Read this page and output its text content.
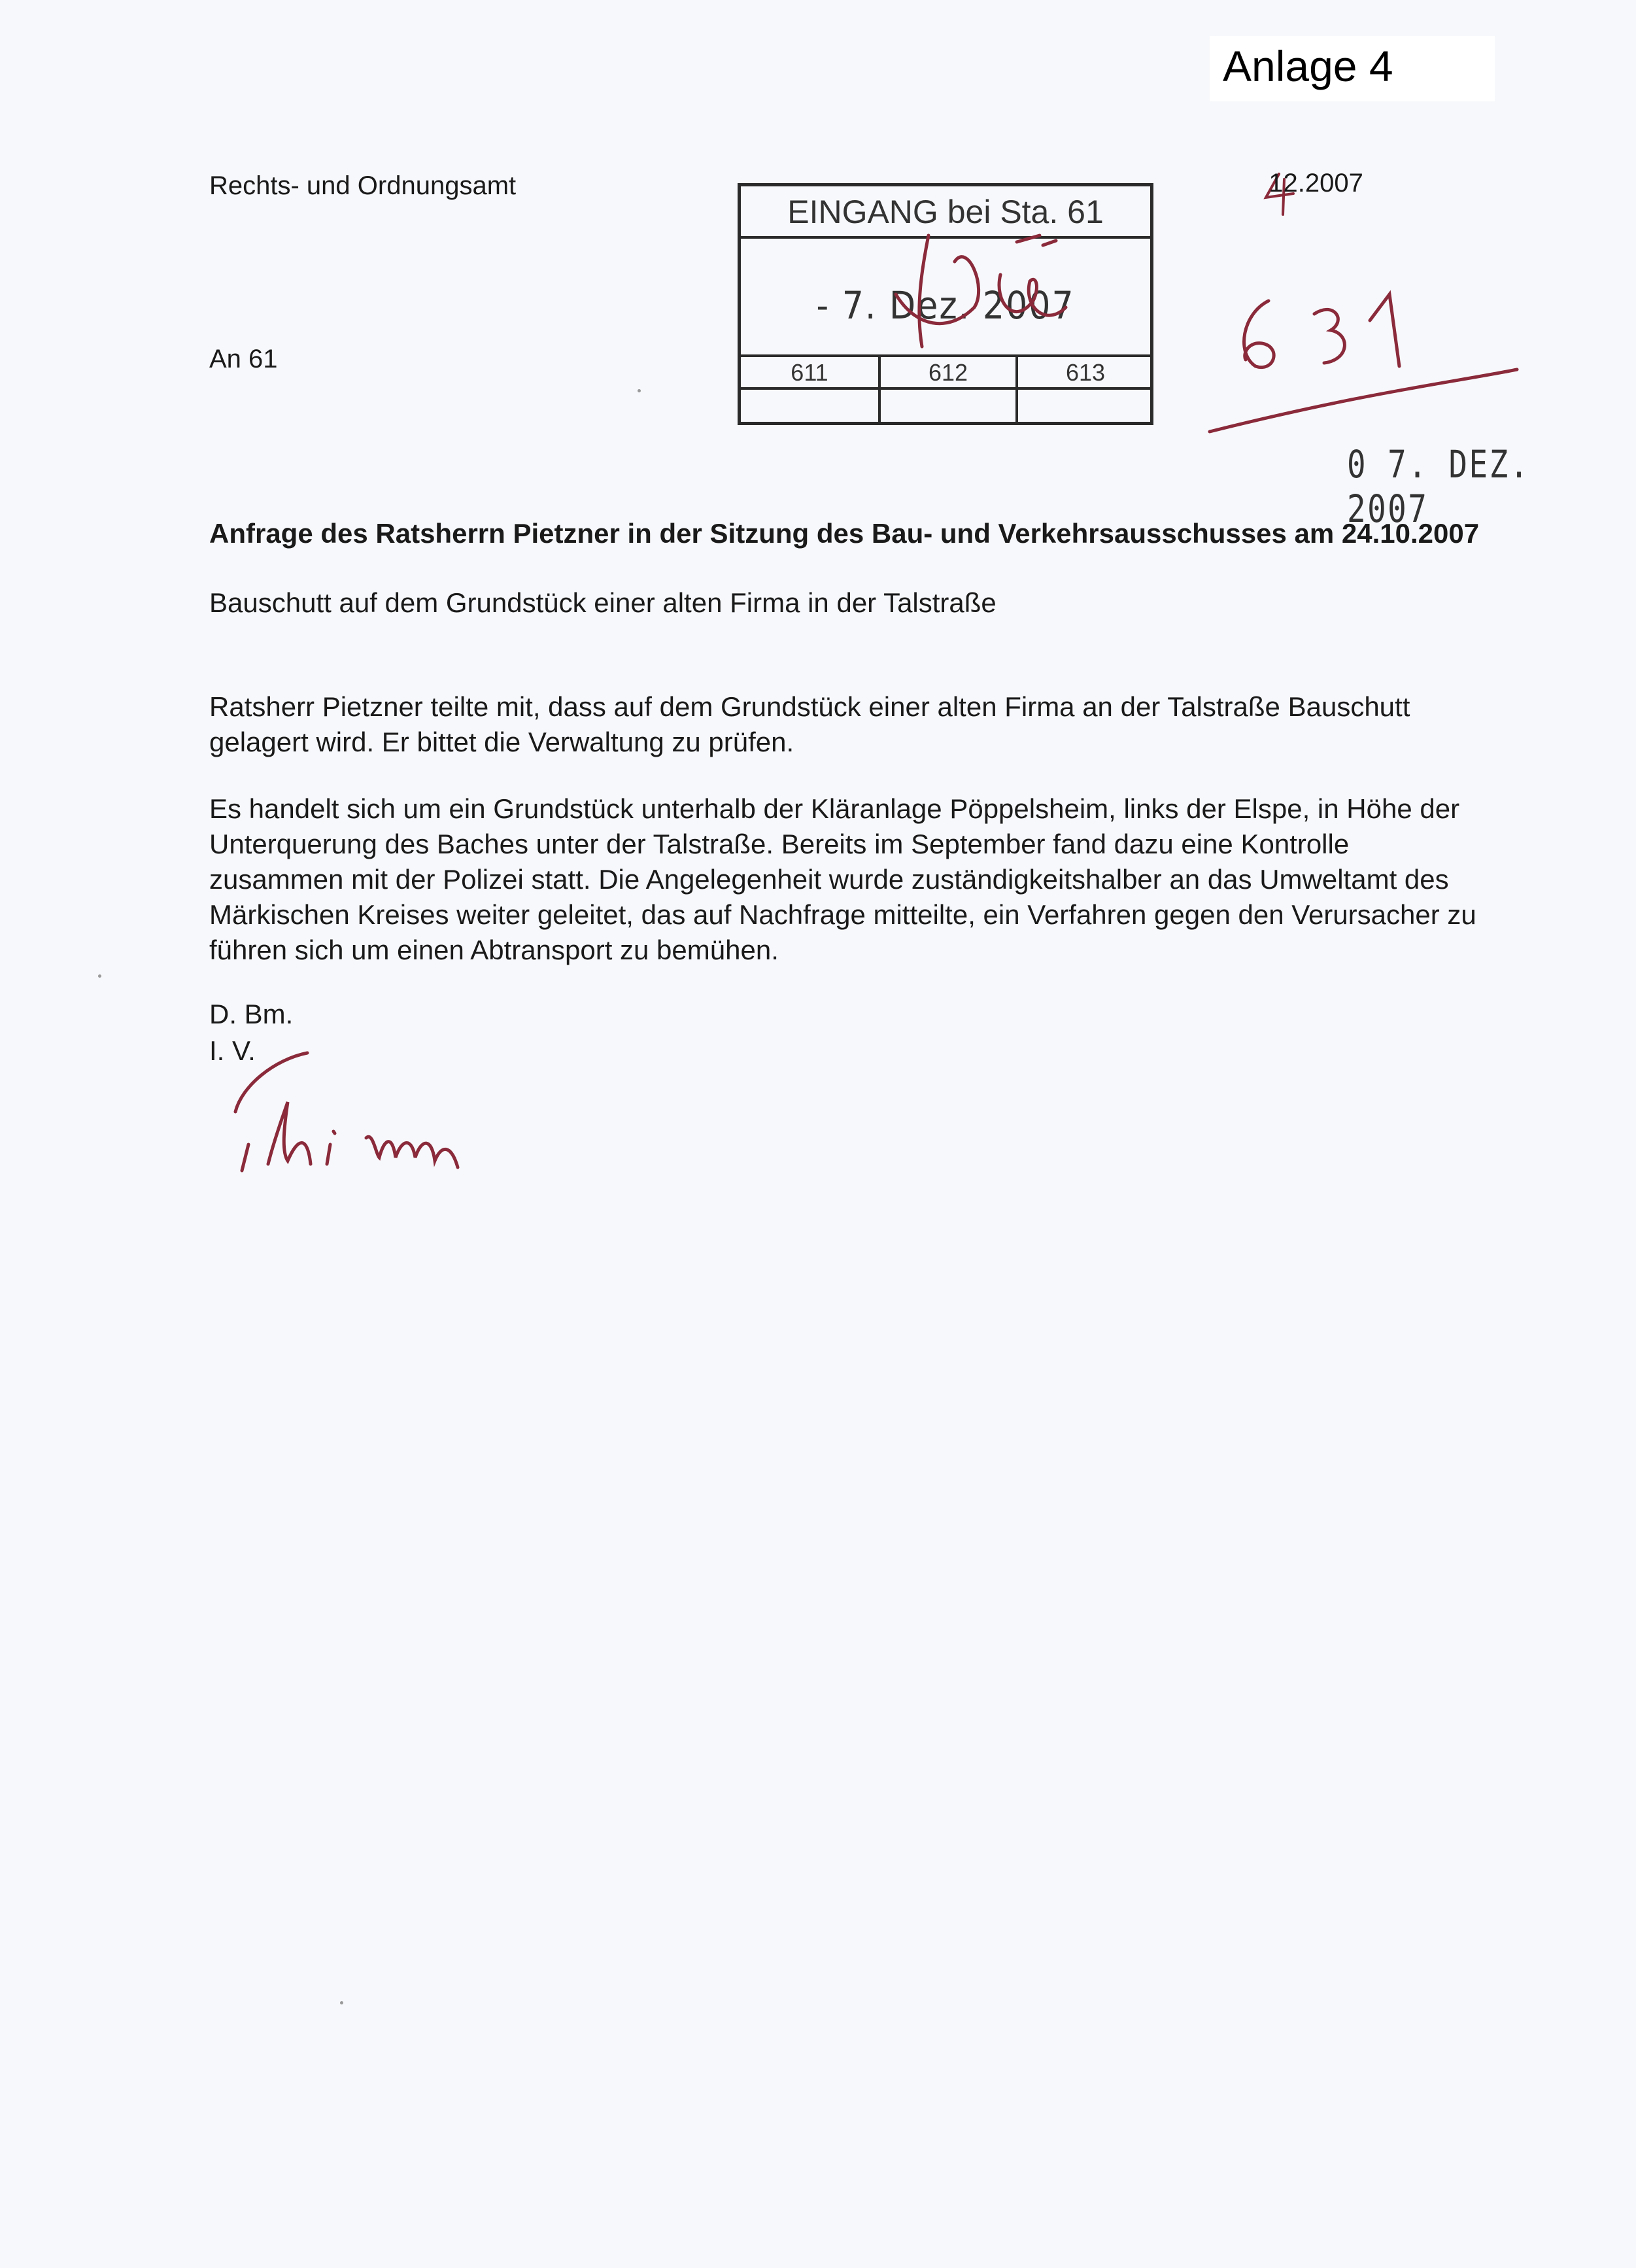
Anlage 4
Rechts- und Ordnungsamt
An 61
12.2007
EINGANG bei Sta. 61
- 7. Dez. 2007
611	612	613
0 7. DEZ. 2007
Anfrage des Ratsherrn Pietzner in der Sitzung des Bau- und Verkehrsausschusses am 24.10.2007
Bauschutt auf dem Grundstück einer alten Firma in der Talstraße
Ratsherr Pietzner teilte mit, dass auf dem Grundstück einer alten Firma an der Talstraße Bauschutt gelagert wird. Er bittet die Verwaltung zu prüfen.
Es handelt sich um ein Grundstück unterhalb der Kläranlage Pöppelsheim, links der Elspe, in Höhe der Unterquerung des Baches unter der Talstraße. Bereits im September fand dazu eine Kontrolle zusammen mit der Polizei statt. Die Angelegenheit wurde zuständigkeitshalber an das Umweltamt des Märkischen Kreises weiter geleitet, das auf Nachfrage mitteilte, ein Verfahren gegen den Verursacher zu führen sich um einen Abtransport zu bemühen.
D. Bm.
I. V.
